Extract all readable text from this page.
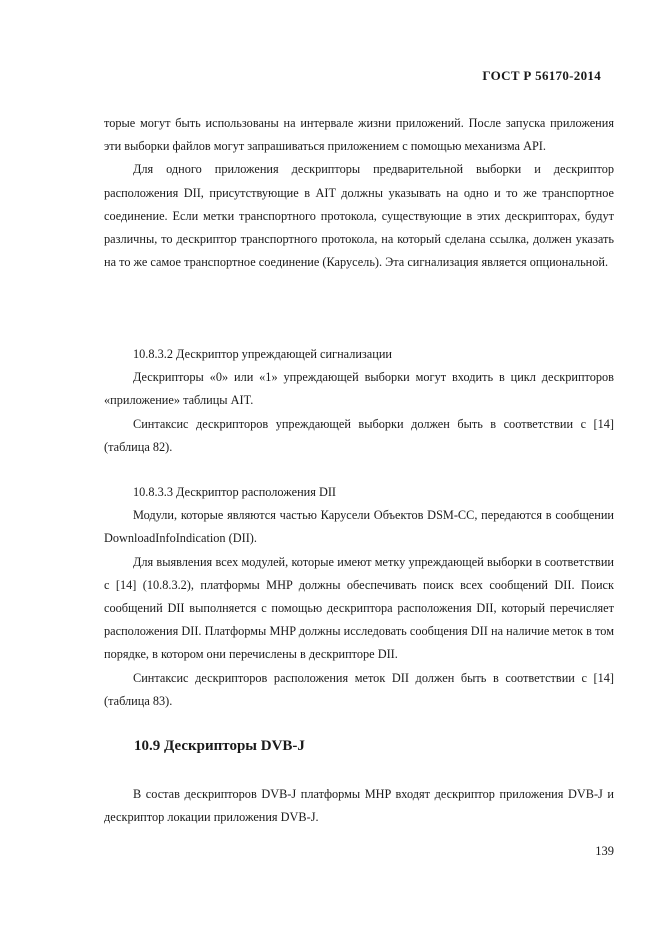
ГОСТ Р 56170-2014

торые могут быть использованы на интервале жизни приложений. После запуска приложения эти выборки файлов могут запрашиваться приложением с помощью механизма API.

Для одного приложения дескрипторы предварительной выборки и дескриптор расположения DII, присутствующие в AIT должны указывать на одно и то же транспортное соединение. Если метки транспортного протокола, существующие в этих дескрипторах, будут различны, то дескриптор транспортного протокола, на который сделана ссылка, должен указать на то же самое транспортное соединение (Карусель). Эта сигнализация является опциональной.

10.8.3.2 Дескриптор упреждающей сигнализации

Дескрипторы «0» или «1» упреждающей выборки могут входить в цикл дескрипторов «приложение» таблицы AIT.

Синтаксис дескрипторов упреждающей выборки должен быть в соответствии с [14] (таблица 82).

10.8.3.3 Дескриптор расположения DII

Модули, которые являются частью Карусели Объектов DSM-CC, передаются в сообщении DownloadInfoIndication (DII).

Для выявления всех модулей, которые имеют метку упреждающей выборки в соответствии с [14] (10.8.3.2), платформы MHP должны обеспечивать поиск всех сообщений DII. Поиск сообщений DII выполняется с помощью дескриптора расположения DII, который перечисляет расположения DII. Платформы MHP должны исследовать сообщения DII на наличие меток в том порядке, в котором они перечислены в дескрипторе DII.

Синтаксис дескрипторов расположения меток DII должен быть в соответствии с [14] (таблица 83).

10.9 Дескрипторы DVB-J

В состав дескрипторов DVB-J платформы MHP входят дескриптор приложения DVB-J и дескриптор локации приложения DVB-J.

139
